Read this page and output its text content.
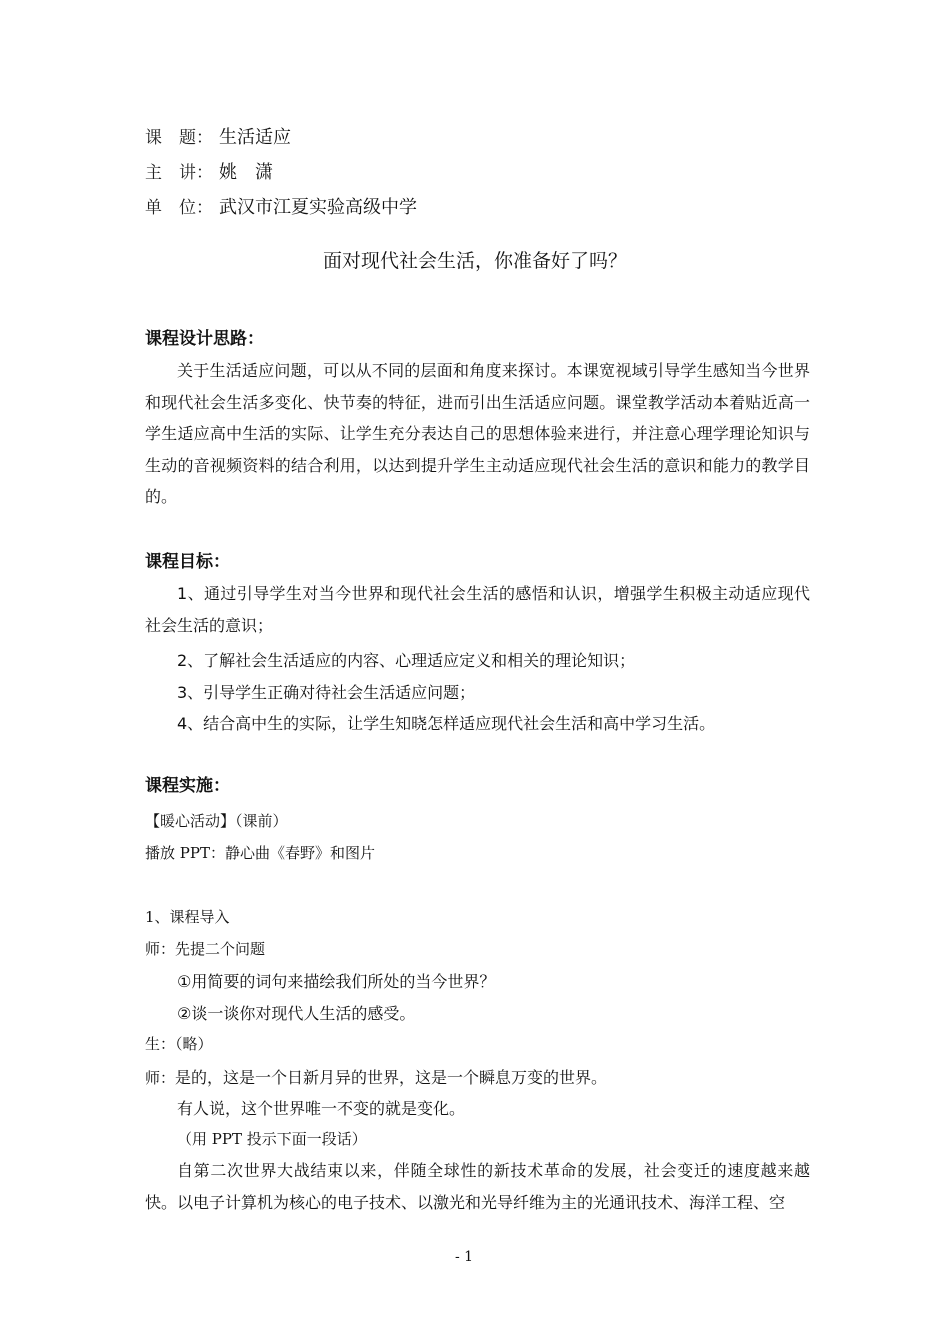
课　题： 生活适应
主　讲： 姚　潇
单　位： 武汉市江夏实验高级中学
面对现代社会生活，你准备好了吗？
课程设计思路：
关于生活适应问题，可以从不同的层面和角度来探讨。本课宽视域引导学生感知当今世界和现代社会生活多变化、快节奏的特征，进而引出生活适应问题。课堂教学活动本着贴近高一学生适应高中生活的实际、让学生充分表达自己的思想体验来进行，并注意心理学理论知识与生动的音视频资料的结合利用，以达到提升学生主动适应现代社会生活的意识和能力的教学目的。
课程目标：
1、通过引导学生对当今世界和现代社会生活的感悟和认识，增强学生积极主动适应现代社会生活的意识；
2、了解社会生活适应的内容、心理适应定义和相关的理论知识；
3、引导学生正确对待社会生活适应问题；
4、结合高中生的实际，让学生知晓怎样适应现代社会生活和高中学习生活。
课程实施：
【暖心活动】（课前）
播放 PPT：静心曲《春野》和图片
1、课程导入
师：先提二个问题
①用简要的词句来描绘我们所处的当今世界？
②谈一谈你对现代人生活的感受。
生：（略）
师：是的，这是一个日新月异的世界，这是一个瞬息万变的世界。
有人说，这个世界唯一不变的就是变化。
（用 PPT 投示下面一段话）
自第二次世界大战结束以来，伴随全球性的新技术革命的发展，社会变迁的速度越来越快。以电子计算机为核心的电子技术、以激光和光导纤维为主的光通讯技术、海洋工程、空
- 1
